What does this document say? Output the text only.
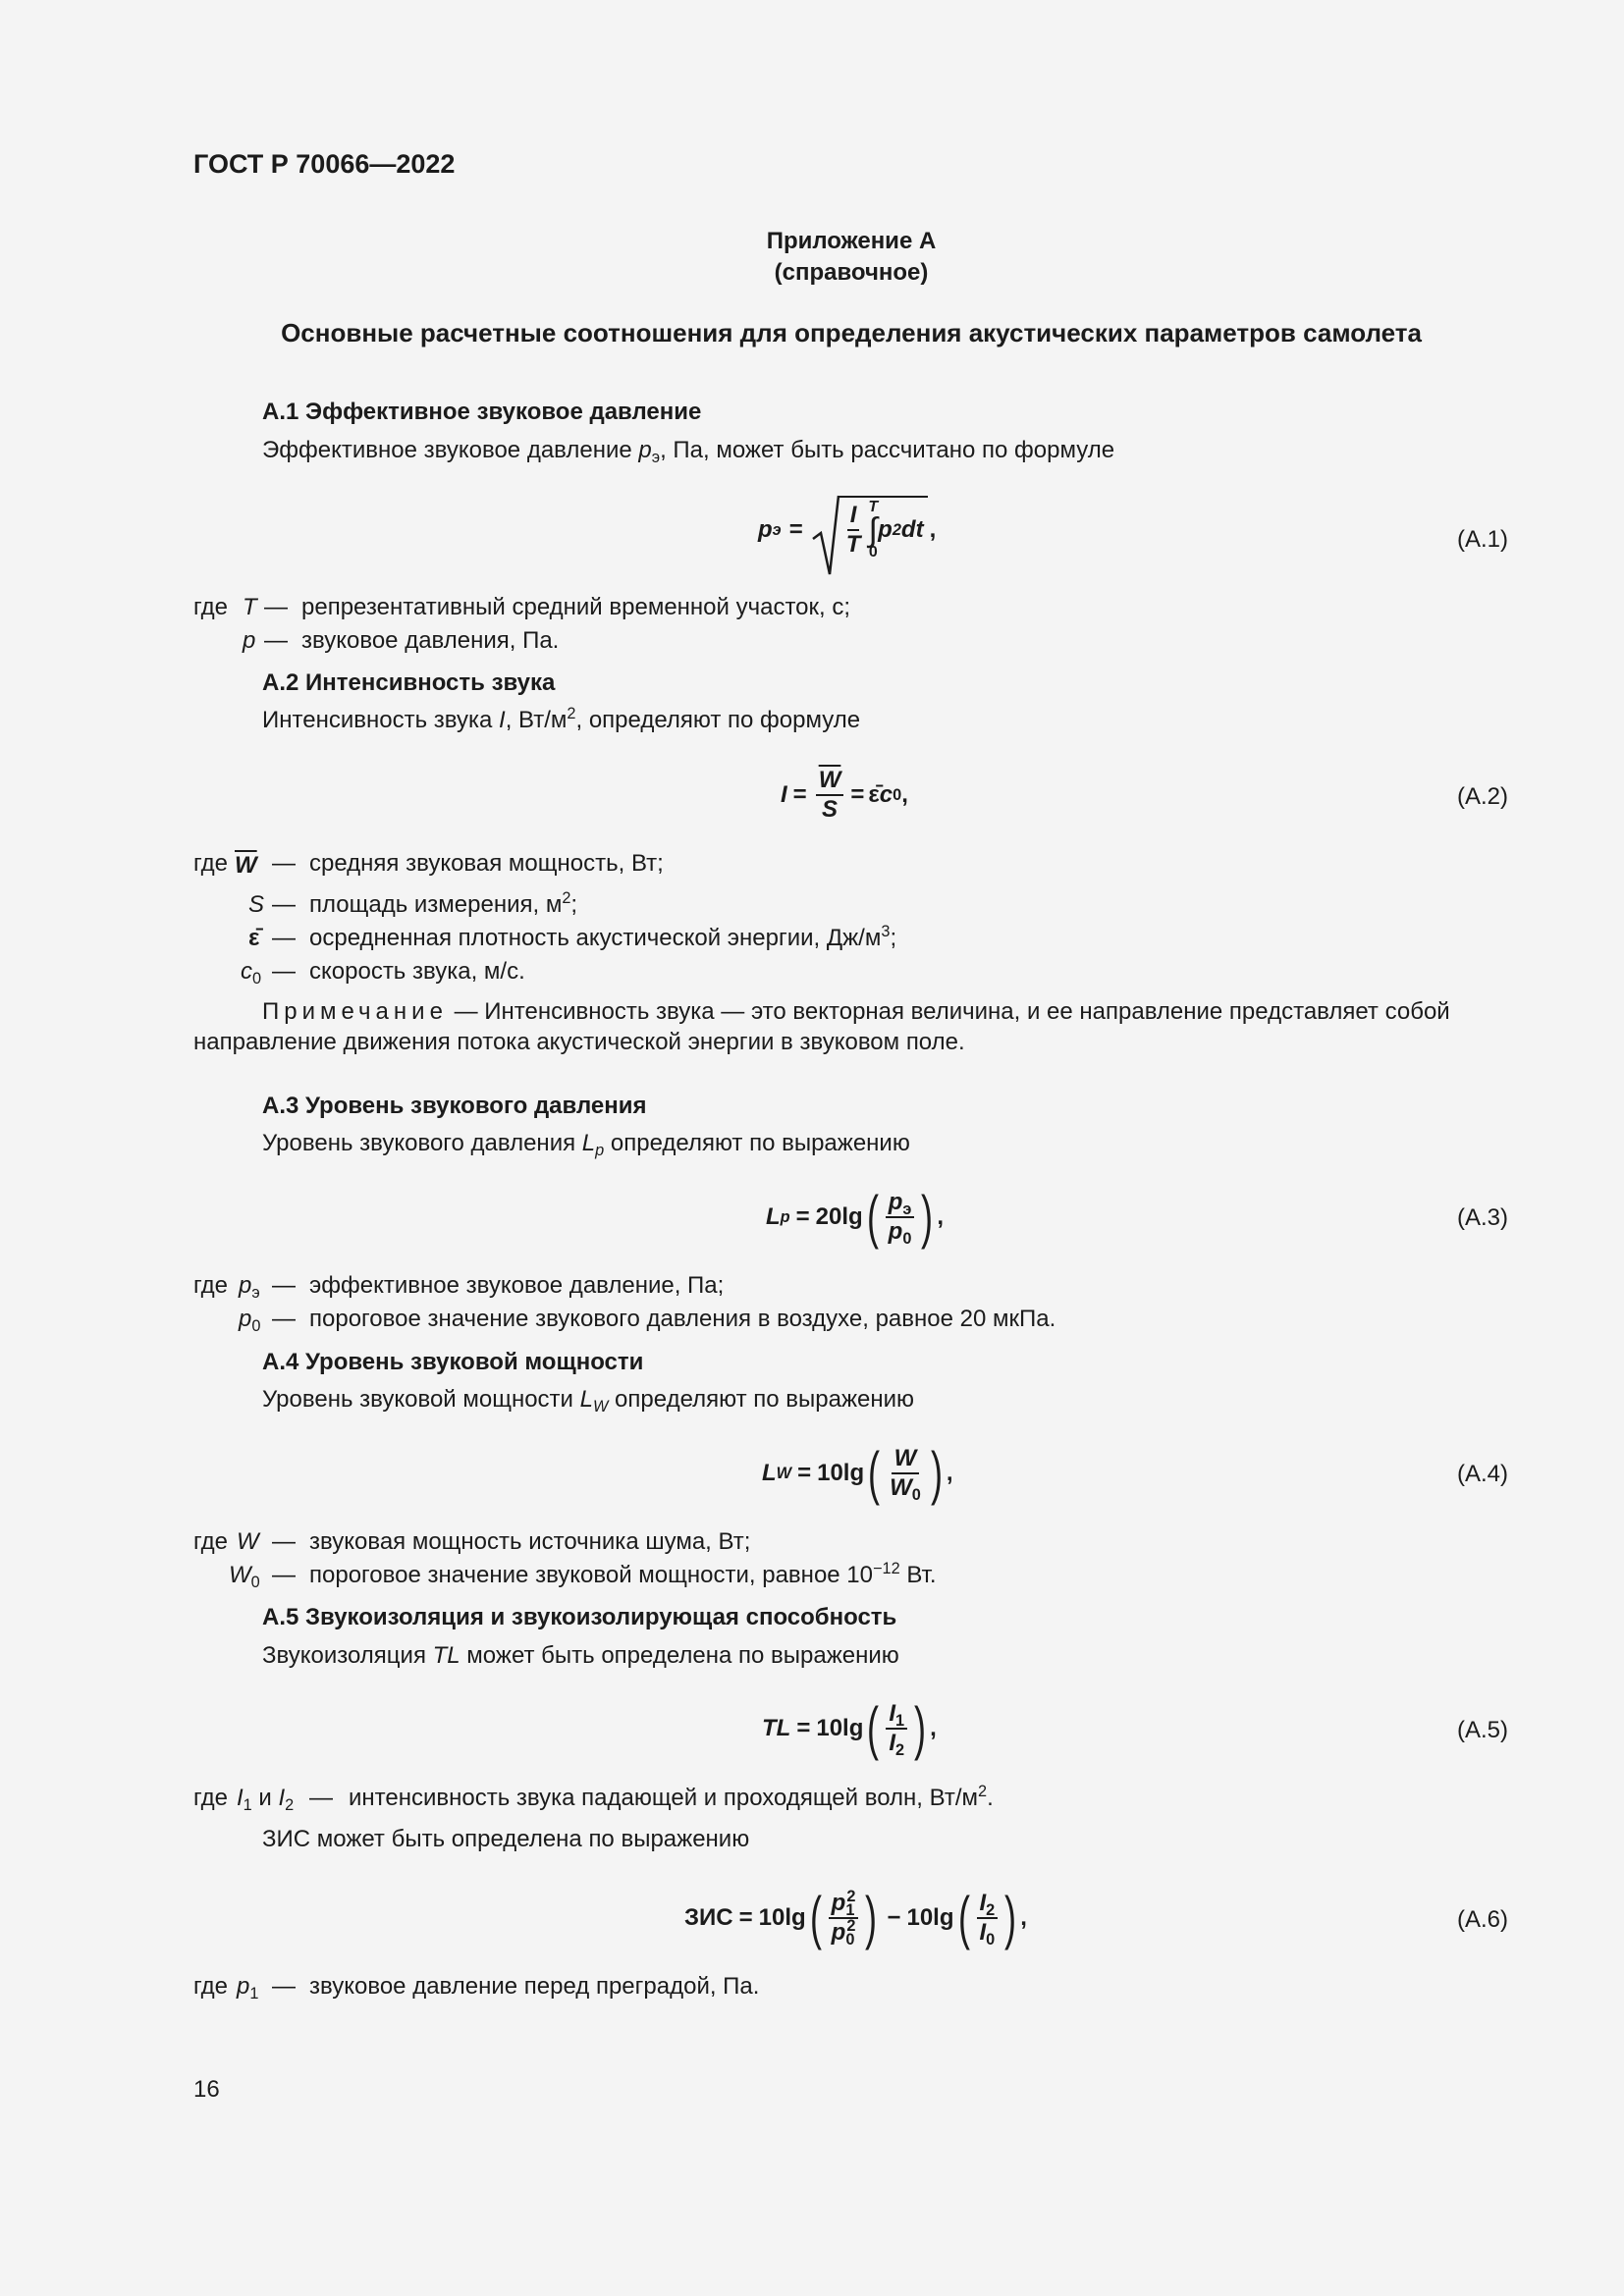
ГОСТ Р 70066—2022
Приложение А
(справочное)
Основные расчетные соотношения для определения акустических параметров самолета
А.1 Эффективное звуковое давление
Эффективное звуковое давление $p_э$, Па, может быть рассчитано по формуле
p $э = \frac{I}{T}$ T
∫
0
p 2 dt ,	(А.1)
где T — репрезентативный средний временной участок, с;
p — звуковое давления, Па.
А.2 Интенсивность звука
Интенсивность звука I, $Вт/м^2$, определяют по формуле
$I = \frac{\overline{W}}{S}$ = ε̄ c 0 ,	(А.2)
где $\overline{W}$ — средняя звуковая мощность, Вт;
S — площадь измерения, $м^2$;
ε̄ — осредненная плотность акустической энергии, $Дж/м^3$;
$c_0$ — скорость звука, м/с.
Примечание — Интенсивность звука — это векторная величина, и ее направление представляет собой направление движения потока акустической энергии в звуковом поле.
А.3 Уровень звукового давления
Уровень звукового давления $L_p$ определяют по выражению
L p = 20lg ( $\frac{p_э}{p_0}$ ) ,	(А.3)
где $p_э$ — эффективное звуковое давление, Па;
$p_0$ — пороговое значение звукового давления в воздухе, равное 20 мкПа.
А.4 Уровень звуковой мощности
Уровень звуковой мощности $L_W$ определяют по выражению
L W = 10lg ( $\frac{W}{W_0}$ ) ,	(А.4)
где W — звуковая мощность источника шума, Вт;
$W_0$ — пороговое значение звуковой мощности, равное $10^{-12}$ Вт.
А.5 Звукоизоляция и звукоизолирующая способность
Звукоизоляция TL может быть определена по выражению
TL = 10lg ( $\frac{I_1}{I_2}$ ) ,	(А.5)
где $I_1$ и $I_2$ — интенсивность звука падающей и проходящей волн, $Вт/м^2$.
ЗИС может быть определена по выражению
ЗИС = 10lg ( $\frac{p_1^2}{p_0^2}$ ) − 10lg ( $\frac{I_2}{I_0}$ ) ,	(А.6)
где $p_1$ — звуковое давление перед преградой, Па.
16
